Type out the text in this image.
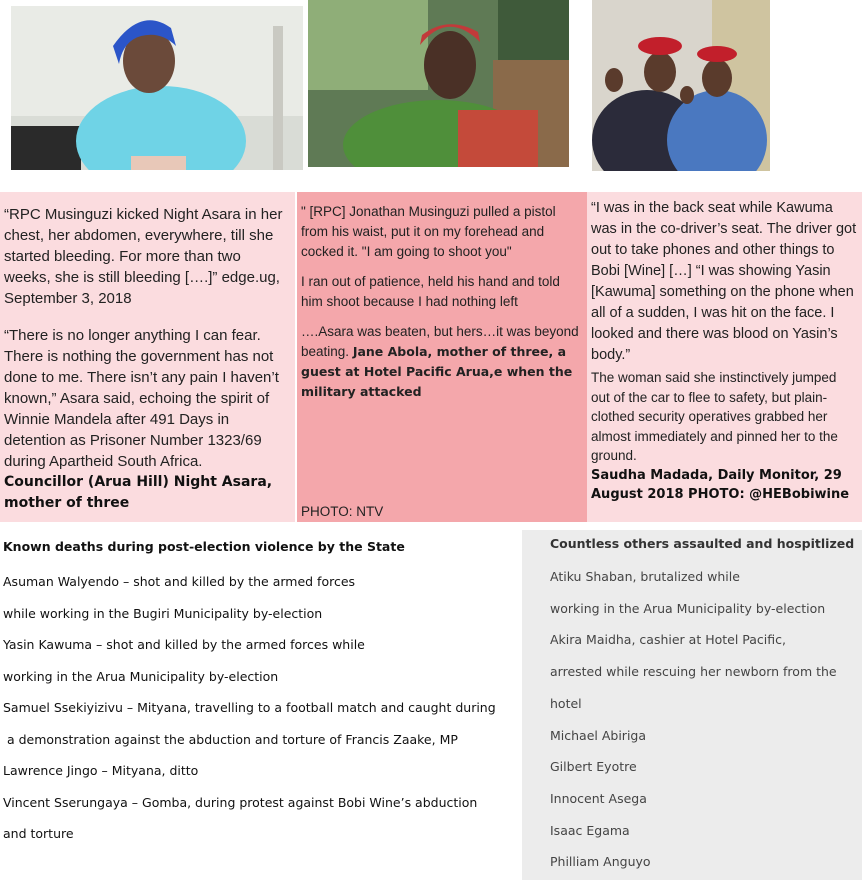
“RPC Musinguzi kicked Night Asara in her chest, her abdomen, everywhere, till she started bleeding. For more than two weeks, she is still bleeding [….]” edge.ug, September 3, 2018

“There is no longer anything I can fear. There is nothing the government has not done to me. There isn’t any pain I haven’t known,” Asara said, echoing the spirit of Winnie Mandela after 491 Days in detention as Prisoner Number 1323/69 during Apartheid South Africa.

Councillor (Arua Hill) Night Asara, mother of three

" [RPC] Jonathan Musinguzi pulled a pistol from his waist, put it on my forehead and cocked it. "I am going to shoot you"

I ran out of patience, held his hand and told him shoot because I had nothing left

….Asara was beaten, but hers…it was beyond beating. Jane Abola, mother of three, a guest at Hotel Pacific Arua,e when the military attacked

PHOTO: NTV

“I was in the back seat while Kawuma was in the co-driver’s seat. The driver got out to take phones and other things to Bobi [Wine] […] “I was showing Yasin [Kawuma] something on the phone when all of a sudden, I was hit on the face. I looked and there was blood on Yasin’s body.”

The woman said she instinctively jumped out of the car to flee to safety, but plain-clothed security operatives grabbed her almost immediately and pinned her to the ground.

Saudha Madada, Daily Monitor, 29 August 2018 PHOTO: @HEBobiwine
Known deaths during post-election violence by the State
Asuman Walyendo – shot and killed by the armed forces
while working in the Bugiri Municipality by-election
Yasin Kawuma – shot and killed by the armed forces while
working in the Arua Municipality by-election
Samuel Ssekiyizivu – Mityana, travelling to a football match and caught during
a demonstration against the abduction and torture of Francis Zaake, MP
Lawrence Jingo – Mityana, ditto
Vincent Sserungaya – Gomba, during protest against Bobi Wine’s abduction
and torture
Countless others assaulted and hospitlized
Atiku Shaban, brutalized while
working in the Arua Municipality by-election
Akira Maidha, cashier at Hotel Pacific,
arrested while rescuing her newborn from the
hotel
Michael Abiriga
Gilbert Eyotre
Innocent Asega
Isaac Egama
Philliam Anguyo
